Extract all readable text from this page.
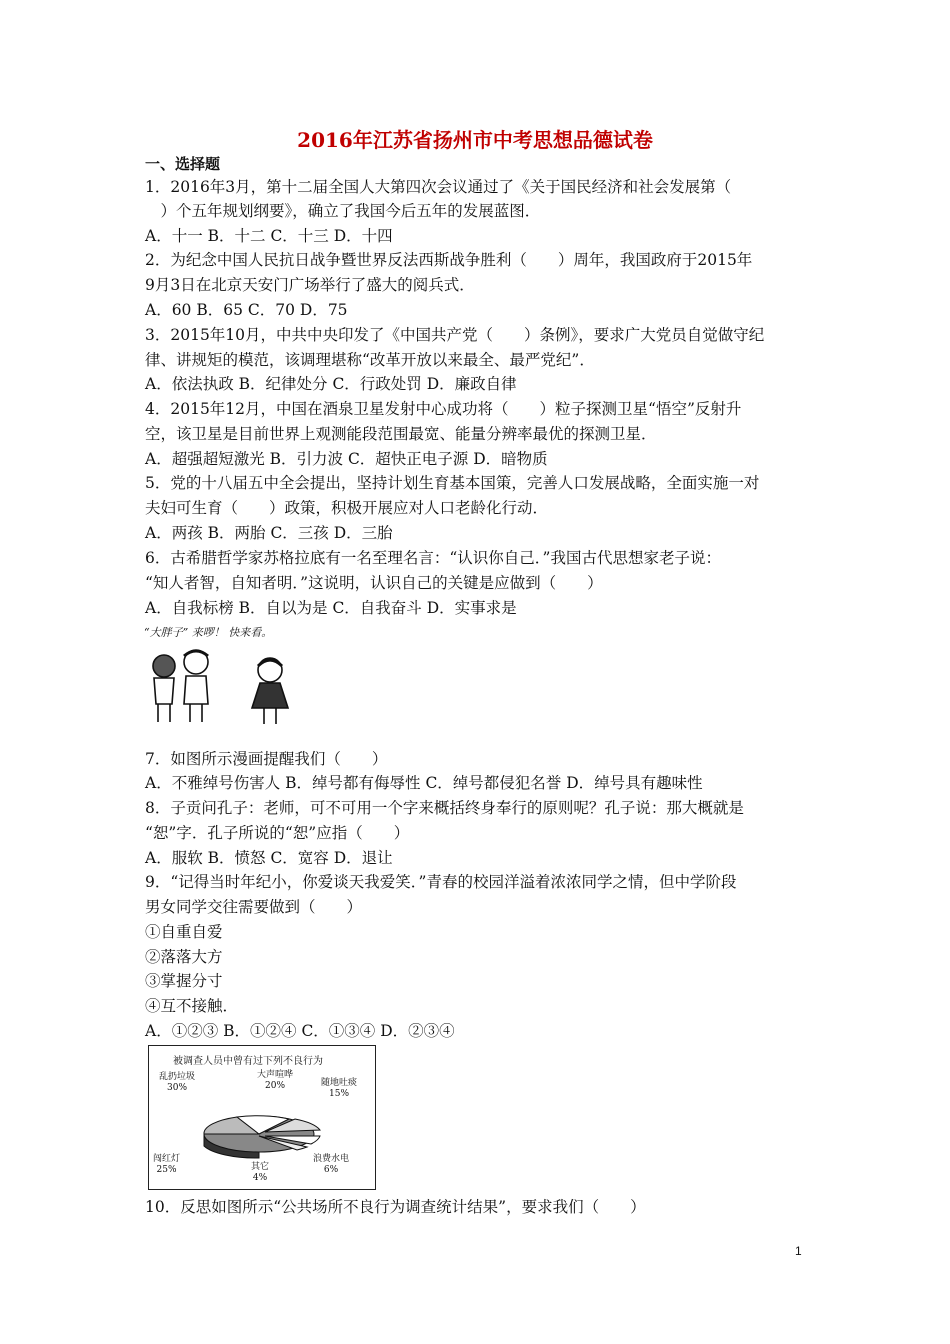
2016年江苏省扬州市中考思想品德试卷
一、选择题
1．2016年3月，第十二届全国人大第四次会议通过了《关于国民经济和社会发展第（
　）个五年规划纲要》，确立了我国今后五年的发展蓝图．
A．十一 B．十二 C．十三 D．十四
2．为纪念中国人民抗日战争暨世界反法西斯战争胜利（　　）周年，我国政府于2015年
9月3日在北京天安门广场举行了盛大的阅兵式．
A．60 B．65 C．70 D．75
3．2015年10月，中共中央印发了《中国共产党（　　）条例》，要求广大党员自觉做守纪
律、讲规矩的模范，该调理堪称“改革开放以来最全、最严党纪”．
A．依法执政 B．纪律处分 C．行政处罚 D．廉政自律
4．2015年12月，中国在酒泉卫星发射中心成功将（　　）粒子探测卫星“悟空”反射升
空，该卫星是目前世界上观测能段范围最宽、能量分辨率最优的探测卫星．
A．超强超短激光 B．引力波 C．超快正电子源 D．暗物质
5．党的十八届五中全会提出，坚持计划生育基本国策，完善人口发展战略，全面实施一对
夫妇可生育（　　）政策，积极开展应对人口老龄化行动．
A．两孩 B．两胎 C．三孩 D．三胎
6．古希腊哲学家苏格拉底有一名至理名言：“认识你自己．”我国古代思想家老子说：
“知人者智，自知者明．”这说明，认识自己的关键是应做到（　　）
A．自我标榜 B．自以为是 C．自我奋斗 D．实事求是
“大胖子” 来啰！ 快来看。
7．如图所示漫画提醒我们（　　）
A．不雅绰号伤害人 B．绰号都有侮辱性 C．绰号都侵犯名誉 D．绰号具有趣味性
8．子贡问孔子：老师，可不可用一个字来概括终身奉行的原则呢？孔子说：那大概就是
“恕”字．孔子所说的“恕”应指（　　）
A．服软 B．愤怒 C．宽容 D．退让
9．“记得当时年纪小，你爱谈天我爱笑．”青春的校园洋溢着浓浓同学之情，但中学阶段
男女同学交往需要做到（　　）
①自重自爱
②落落大方
③掌握分寸
④互不接触．
A．①②③ B．①②④ C．①③④ D．②③④
被调查人员中曾有过下列不良行为
乱扔垃圾
30%
大声喧哗
20%	随地吐痰
15%
闯红灯
25%	其它
4%
浪费水电
6%
10．反思如图所示“公共场所不良行为调查统计结果”，要求我们（　　）
1
